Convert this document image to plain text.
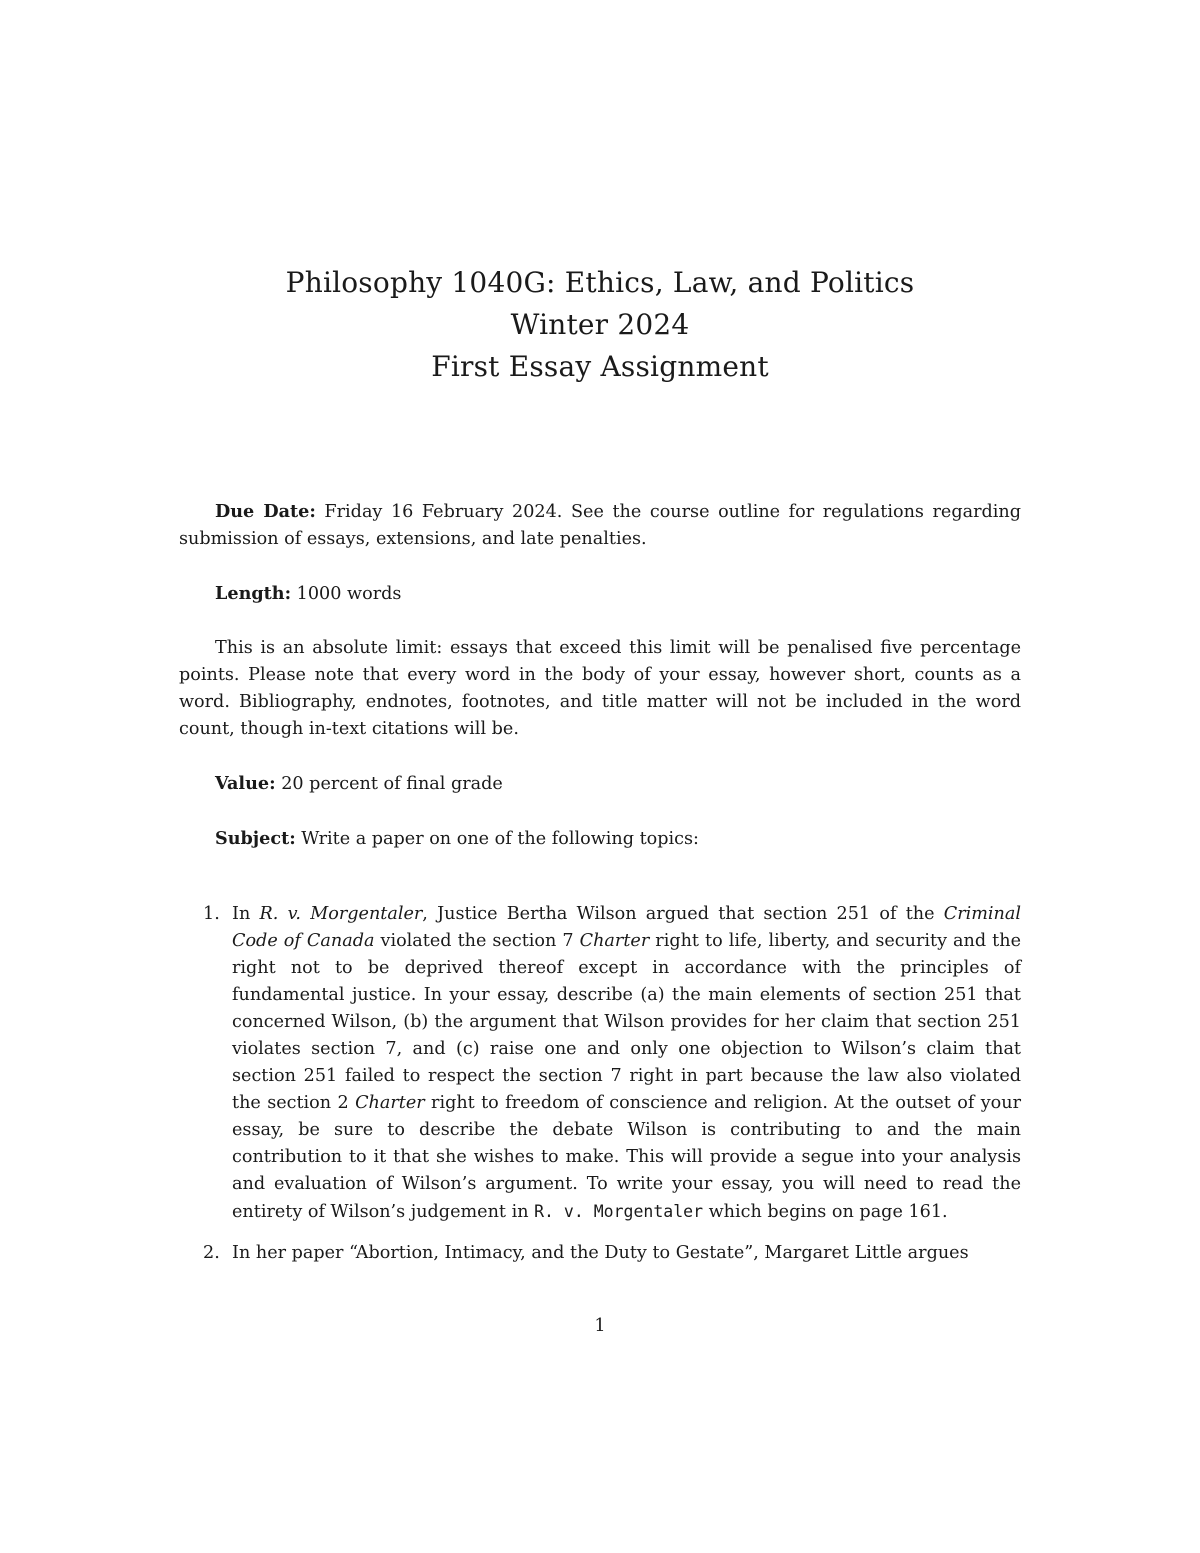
Philosophy 1040G: Ethics, Law, and Politics
Winter 2024
First Essay Assignment

Due Date: Friday 16 February 2024. See the course outline for regulations regarding submission of essays, extensions, and late penalties.

Length: 1000 words

This is an absolute limit: essays that exceed this limit will be penalised five percentage points. Please note that every word in the body of your essay, however short, counts as a word. Bibliography, endnotes, footnotes, and title matter will not be included in the word count, though in-text citations will be.

Value: 20 percent of final grade

Subject: Write a paper on one of the following topics:

1. In R. v. Morgentaler, Justice Bertha Wilson argued that section 251 of the Criminal Code of Canada violated the section 7 Charter right to life, liberty, and security and the right not to be deprived thereof except in accordance with the principles of fundamental justice. In your essay, describe (a) the main elements of section 251 that concerned Wilson, (b) the argument that Wilson provides for her claim that section 251 violates section 7, and (c) raise one and only one objection to Wilson’s claim that section 251 failed to respect the section 7 right in part because the law also violated the section 2 Charter right to freedom of conscience and religion. At the outset of your essay, be sure to describe the debate Wilson is contributing to and the main contribution to it that she wishes to make. This will provide a segue into your analysis and evaluation of Wilson’s argument. To write your essay, you will need to read the entirety of Wilson’s judgement in R. v. Morgentaler which begins on page 161.
2. In her paper “Abortion, Intimacy, and the Duty to Gestate”, Margaret Little argues
1
